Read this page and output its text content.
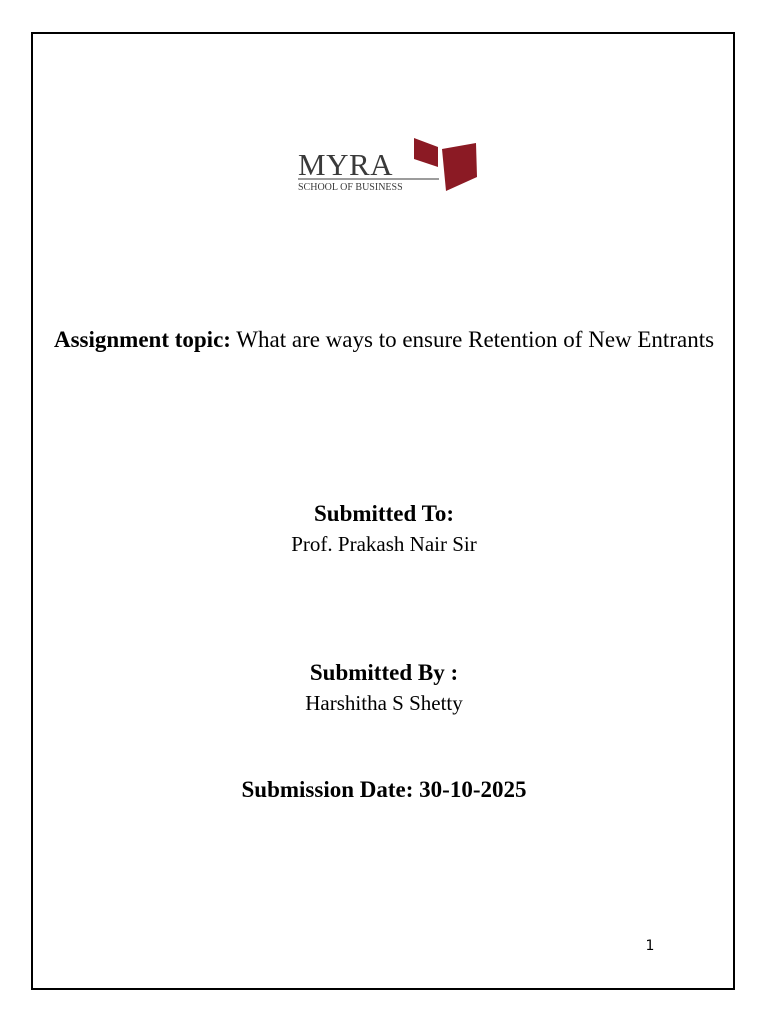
MYRA
SCHOOL OF BUSINESS
Assignment topic: What are ways to ensure Retention of New Entrants
Submitted To:
Prof. Prakash Nair Sir
Submitted By :
Harshitha S Shetty
Submission Date: 30-10-2025
1
